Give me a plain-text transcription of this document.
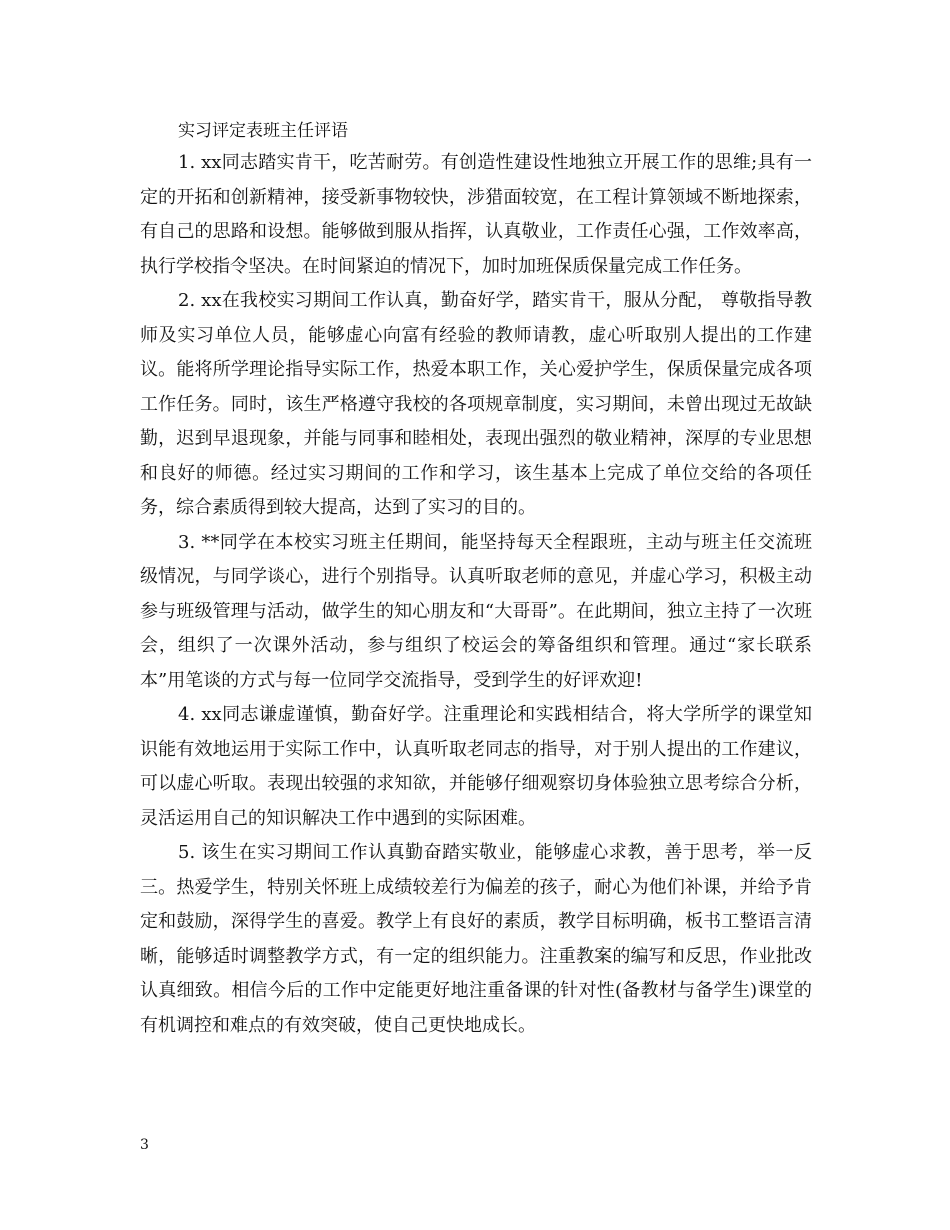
实习评定表班主任评语

1. xx同志踏实肯干，吃苦耐劳。有创造性建设性地独立开展工作的思维;具有一定的开拓和创新精神，接受新事物较快，涉猎面较宽，在工程计算领域不断地探索，有自己的思路和设想。能够做到服从指挥，认真敬业，工作责任心强，工作效率高，执行学校指令坚决。在时间紧迫的情况下，加时加班保质保量完成工作任务。

2. xx在我校实习期间工作认真，勤奋好学，踏实肯干，服从分配， 尊敬指导教师及实习单位人员，能够虚心向富有经验的教师请教，虚心听取别人提出的工作建议。能将所学理论指导实际工作，热爱本职工作，关心爱护学生，保质保量完成各项工作任务。同时，该生严格遵守我校的各项规章制度，实习期间，未曾出现过无故缺勤，迟到早退现象，并能与同事和睦相处，表现出强烈的敬业精神，深厚的专业思想和良好的师德。经过实习期间的工作和学习，该生基本上完成了单位交给的各项任务，综合素质得到较大提高，达到了实习的目的。

3. **同学在本校实习班主任期间，能坚持每天全程跟班，主动与班主任交流班级情况，与同学谈心，进行个别指导。认真听取老师的意见，并虚心学习，积极主动参与班级管理与活动，做学生的知心朋友和“大哥哥”。在此期间，独立主持了一次班会，组织了一次课外活动，参与组织了校运会的筹备组织和管理。通过“家长联系本”用笔谈的方式与每一位同学交流指导，受到学生的好评欢迎!

4. xx同志谦虚谨慎，勤奋好学。注重理论和实践相结合，将大学所学的课堂知识能有效地运用于实际工作中，认真听取老同志的指导，对于别人提出的工作建议，可以虚心听取。表现出较强的求知欲，并能够仔细观察切身体验独立思考综合分析，灵活运用自己的知识解决工作中遇到的实际困难。

5. 该生在实习期间工作认真勤奋踏实敬业，能够虚心求教，善于思考，举一反三。热爱学生，特别关怀班上成绩较差行为偏差的孩子，耐心为他们补课，并给予肯定和鼓励，深得学生的喜爱。教学上有良好的素质，教学目标明确，板书工整语言清晰，能够适时调整教学方式，有一定的组织能力。注重教案的编写和反思，作业批改认真细致。相信今后的工作中定能更好地注重备课的针对性(备教材与备学生)课堂的有机调控和难点的有效突破，使自己更快地成长。

3
